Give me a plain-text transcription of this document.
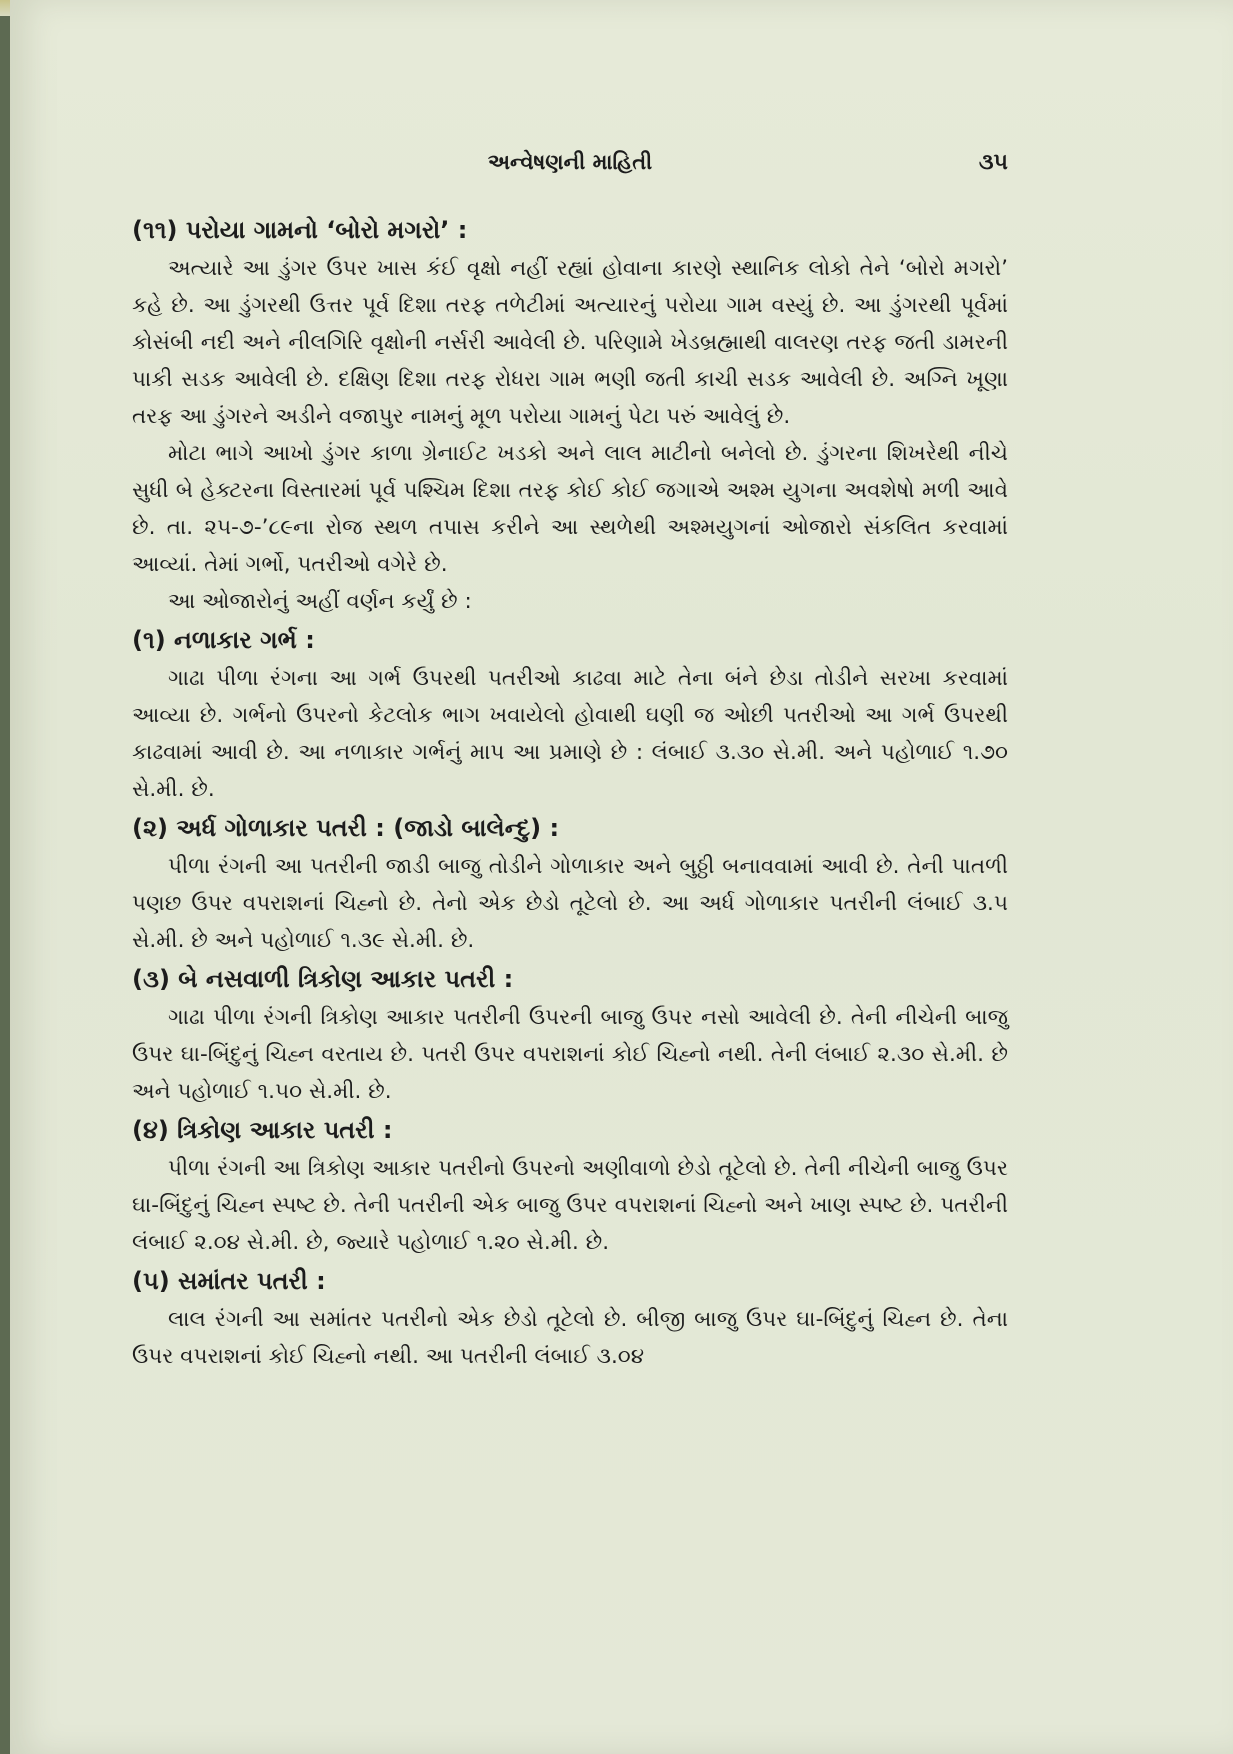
અન્વેષણની માહિતી	૩૫
(૧૧) પરોયા ગામનો ‘બોરો મગરો’ :

અત્યારે આ ડુંગર ઉપર ખાસ કંઈ વૃક્ષો નહીં રહ્યાં હોવાના કારણે સ્થાનિક લોકો તેને ‘બોરો મગરો’ કહે છે. આ ડુંગરથી ઉત્તર પૂર્વ દિશા તરફ તળેટીમાં અત્યારનું પરોયા ગામ વસ્યું છે. આ ડુંગરથી પૂર્વમાં કોસંબી નદી અને નીલગિરિ વૃક્ષોની નર્સરી આવેલી છે. પરિણામે ખેડબ્રહ્માથી વાલરણ તરફ જતી ડામરની પાકી સડક આવેલી છે. દક્ષિણ દિશા તરફ રોધરા ગામ ભણી જતી કાચી સડક આવેલી છે. અગ્નિ ખૂણા તરફ આ ડુંગરને અડીને વજાપુર નામનું મૂળ પરોયા ગામનું પેટા પરું આવેલું છે.

મોટા ભાગે આખો ડુંગર કાળા ગ્રેનાઈટ ખડકો અને લાલ માટીનો બનેલો છે. ડુંગરના શિખરેથી નીચે સુધી બે હેક્ટરના વિસ્તારમાં પૂર્વ પશ્ચિમ દિશા તરફ કોઈ કોઈ જગાએ અશ્મ યુગના અવશેષો મળી આવે છે. તા. ૨૫-૭-’૮૯ના રોજ સ્થળ તપાસ કરીને આ સ્થળેથી અશ્મયુગનાં ઓજારો સંકલિત કરવામાં આવ્યાં. તેમાં ગર્ભો, પતરીઓ વગેરે છે.

આ ઓજારોનું અહીં વર્ણન કર્યું છે :

(૧) નળાકાર ગર્ભ :

ગાઢા પીળા રંગના આ ગર્ભ ઉપરથી પતરીઓ કાઢવા માટે તેના બંને છેડા તોડીને સરખા કરવામાં આવ્યા છે. ગર્ભનો ઉપરનો કેટલોક ભાગ ખવાયેલો હોવાથી ઘણી જ ઓછી પતરીઓ આ ગર્ભ ઉપરથી કાઢવામાં આવી છે. આ નળાકાર ગર્ભનું માપ આ પ્રમાણે છે : લંબાઈ ૩.૩૦ સે.મી. અને પહોળાઈ ૧.૭૦ સે.મી. છે.

(૨) અર્ધ ગોળાકાર પતરી : (જાડો બાલેન્દુ) :

પીળા રંગની આ પતરીની જાડી બાજુ તોડીને ગોળાકાર અને બુઠ્ઠી બનાવવામાં આવી છે. તેની પાતળી પણછ ઉપર વપરાશનાં ચિહ્નો છે. તેનો એક છેડો તૂટેલો છે. આ અર્ધ ગોળાકાર પતરીની લંબાઈ ૩.૫ સે.મી. છે અને પહોળાઈ ૧.૩૯ સે.મી. છે.

(૩) બે નસવાળી ત્રિકોણ આકાર પતરી :

ગાઢા પીળા રંગની ત્રિકોણ આકાર પતરીની ઉપરની બાજુ ઉપર નસો આવેલી છે. તેની નીચેની બાજુ ઉપર ઘા-બિંદુનું ચિહ્ન વરતાય છે. પતરી ઉપર વપરાશનાં કોઈ ચિહ્નો નથી. તેની લંબાઈ ૨.૩૦ સે.મી. છે અને પહોળાઈ ૧.૫૦ સે.મી. છે.

(૪) ત્રિકોણ આકાર પતરી :

પીળા રંગની આ ત્રિકોણ આકાર પતરીનો ઉપરનો અણીવાળો છેડો તૂટેલો છે. તેની નીચેની બાજુ ઉપર ઘા-બિંદુનું ચિહ્ન સ્પષ્ટ છે. તેની પતરીની એક બાજુ ઉપર વપરાશનાં ચિહ્નો અને ખાણ સ્પષ્ટ છે. પતરીની લંબાઈ ૨.૦૪ સે.મી. છે, જ્યારે પહોળાઈ ૧.૨૦ સે.મી. છે.

(૫) સમાંતર પતરી :

લાલ રંગની આ સમાંતર પતરીનો એક છેડો તૂટેલો છે. બીજી બાજુ ઉપર ઘા-બિંદુનું ચિહ્ન છે. તેના ઉપર વપરાશનાં કોઈ ચિહ્નો નથી. આ પતરીની લંબાઈ ૩.૦૪
